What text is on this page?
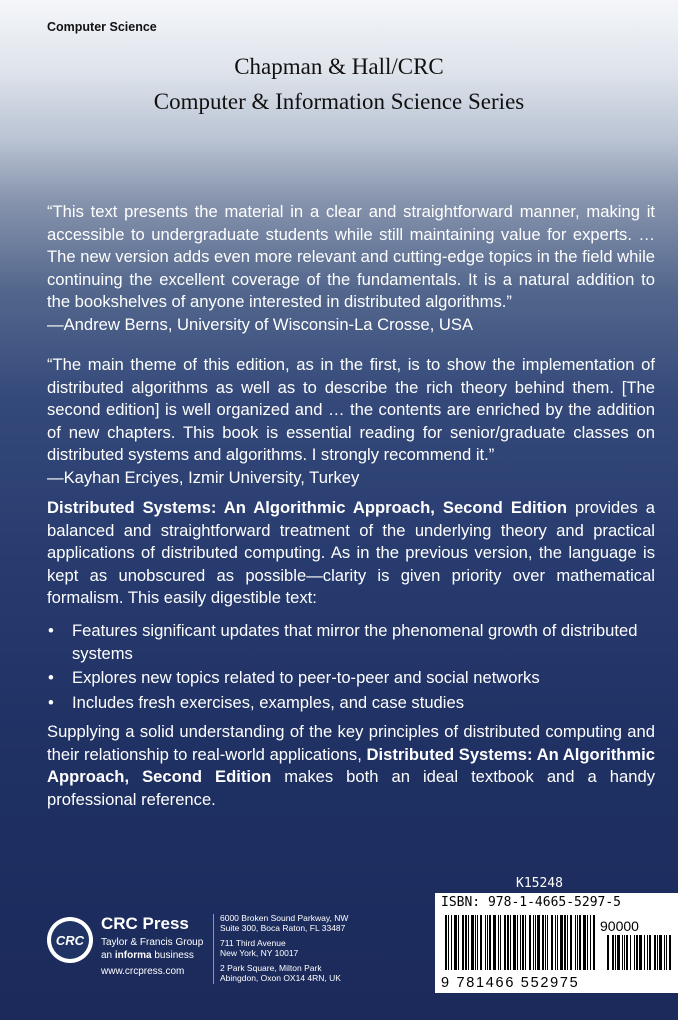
Computer Science
Chapman & Hall/CRC
Computer & Information Science Series
“This text presents the material in a clear and straightforward manner, making it accessible to undergraduate students while still maintaining value for experts. … The new version adds even more relevant and cutting-edge topics in the field while continuing the excellent coverage of the fundamentals. It is a natural addition to the bookshelves of anyone interested in distributed algorithms.”
—Andrew Berns, University of Wisconsin-La Crosse, USA
“The main theme of this edition, as in the first, is to show the implementation of distributed algorithms as well as to describe the rich theory behind them. [The second edition] is well organized and … the contents are enriched by the addition of new chapters. This book is essential reading for senior/graduate classes on distributed systems and algorithms. I strongly recommend it.”
—Kayhan Erciyes, Izmir University, Turkey
Distributed Systems: An Algorithmic Approach, Second Edition provides a balanced and straightforward treatment of the underlying theory and practical applications of distributed computing. As in the previous version, the language is kept as unobscured as possible—clarity is given priority over mathematical formalism. This easily digestible text:
• Features significant updates that mirror the phenomenal growth of distributed systems
• Explores new topics related to peer-to-peer and social networks
• Includes fresh exercises, examples, and case studies
Supplying a solid understanding of the key principles of distributed computing and their relationship to real-world applications, Distributed Systems: An Algorithmic Approach, Second Edition makes both an ideal textbook and a handy professional reference.
CRC
CRC Press
Taylor & Francis Group
an informa business
www.crcpress.com
6000 Broken Sound Parkway, NW
Suite 300, Boca Raton, FL 33487
711 Third Avenue
New York, NY 10017
2 Park Square, Milton Park
Abingdon, Oxon OX14 4RN, UK
K15248
ISBN: 978-1-4665-5297-5
90000
9 781466 552975
